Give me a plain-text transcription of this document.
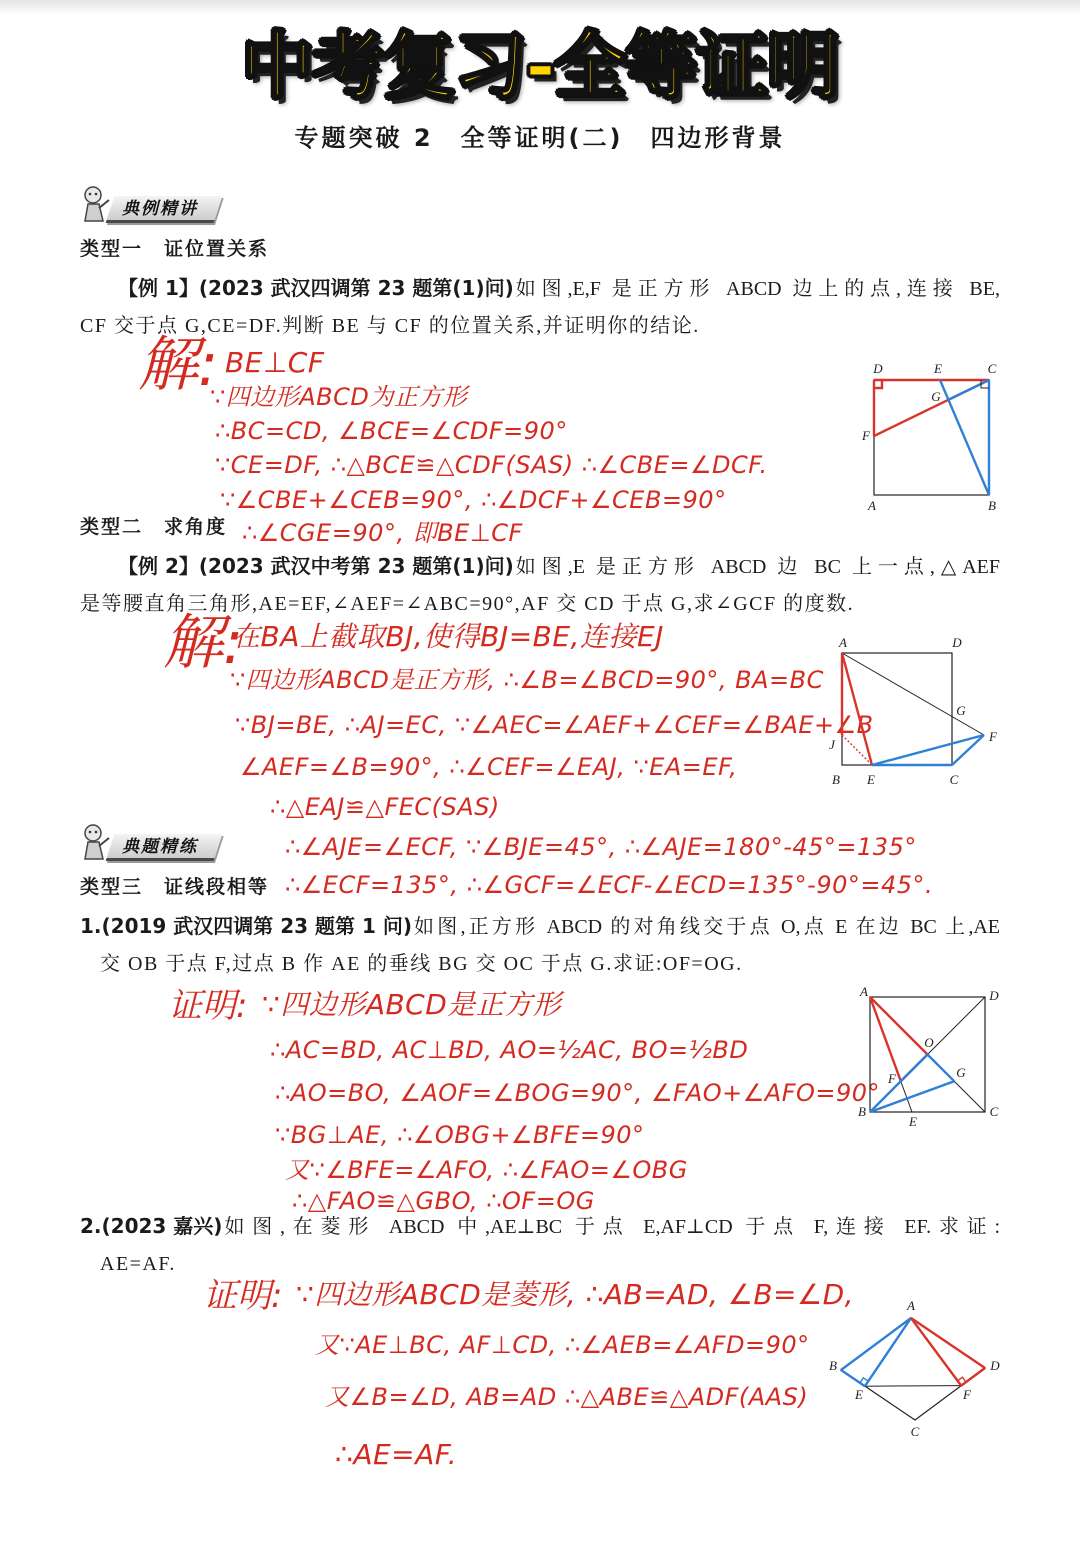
中考复习-全等证明
专题突破 2　全等证明(二)　四边形背景
典例精讲
类型一　证位置关系
【例 1】 (2023 武汉四调第 23 题第(1)问) 如图,E,F 是正方形 ABCD 边上的点,连接 BE,
CF 交于点 G,CE=DF.判断 BE 与 CF 的位置关系,并证明你的结论.
解: BE⊥CF
∵四边形ABCD为正方形
∴BC=CD, ∠BCE=∠CDF=90°
∵CE=DF, ∴△BCE≌△CDF(SAS) ∴∠CBE=∠DCF.
∵∠CBE+∠CEB=90°, ∴∠DCF+∠CEB=90°
∴∠CGE=90°, 即BE⊥CF
D	E	C
G
F
A	B
类型二　求角度
【例 2】 (2023 武汉中考第 23 题第(1)问) 如图,E 是正方形 ABCD 边 BC 上一点,△AEF
是等腰直角三角形,AE=EF,∠AEF=∠ABC=90°,AF 交 CD 于点 G,求∠GCF 的度数.
解:
在BA上截取BJ,使得BJ=BE,连接EJ
∵四边形ABCD是正方形, ∴∠B=∠BCD=90°, BA=BC
∵BJ=BE, ∴AJ=EC, ∵∠AEC=∠AEF+∠CEF=∠BAE+∠B
∠AEF=∠B=90°, ∴∠CEF=∠EAJ, ∵EA=EF,
∴△EAJ≌△FEC(SAS)
∴∠AJE=∠ECF, ∵∠BJE=45°, ∴∠AJE=180°-45°=135°
∴∠ECF=135°, ∴∠GCF=∠ECF-∠ECD=135°-90°=45°.
A	D
G
F
B E	C
J
典题精练
类型三　证线段相等
1. (2019 武汉四调第 23 题第 1 问) 如图,正方形 ABCD 的对角线交于点 O,点 E 在边 BC 上,AE
交 OB 于点 F,过点 B 作 AE 的垂线 BG 交 OC 于点 G.求证:OF=OG.
证明: ∵四边形ABCD是正方形
∴AC=BD, AC⊥BD, AO=½AC, BO=½BD
∴AO=BO, ∠AOF=∠BOG=90°, ∠FAO+∠AFO=90°
∵BG⊥AE, ∴∠OBG+∠BFE=90°
又∵∠BFE=∠AFO, ∴∠FAO=∠OBG
∴△FAO≌△GBO, ∴OF=OG
A	D
B	C
E
O
F	G
2. (2023 嘉兴) 如图,在菱形 ABCD 中,AE⊥BC 于点 E,AF⊥CD 于点 F,连接 EF.求证:
AE=AF.
证明: ∵四边形ABCD是菱形, ∴AB=AD, ∠B=∠D,
又∵AE⊥BC, AF⊥CD, ∴∠AEB=∠AFD=90°
又∠B=∠D, AB=AD ∴△ABE≌△ADF(AAS)
∴AE=AF.
A
B	D
C
E	F
